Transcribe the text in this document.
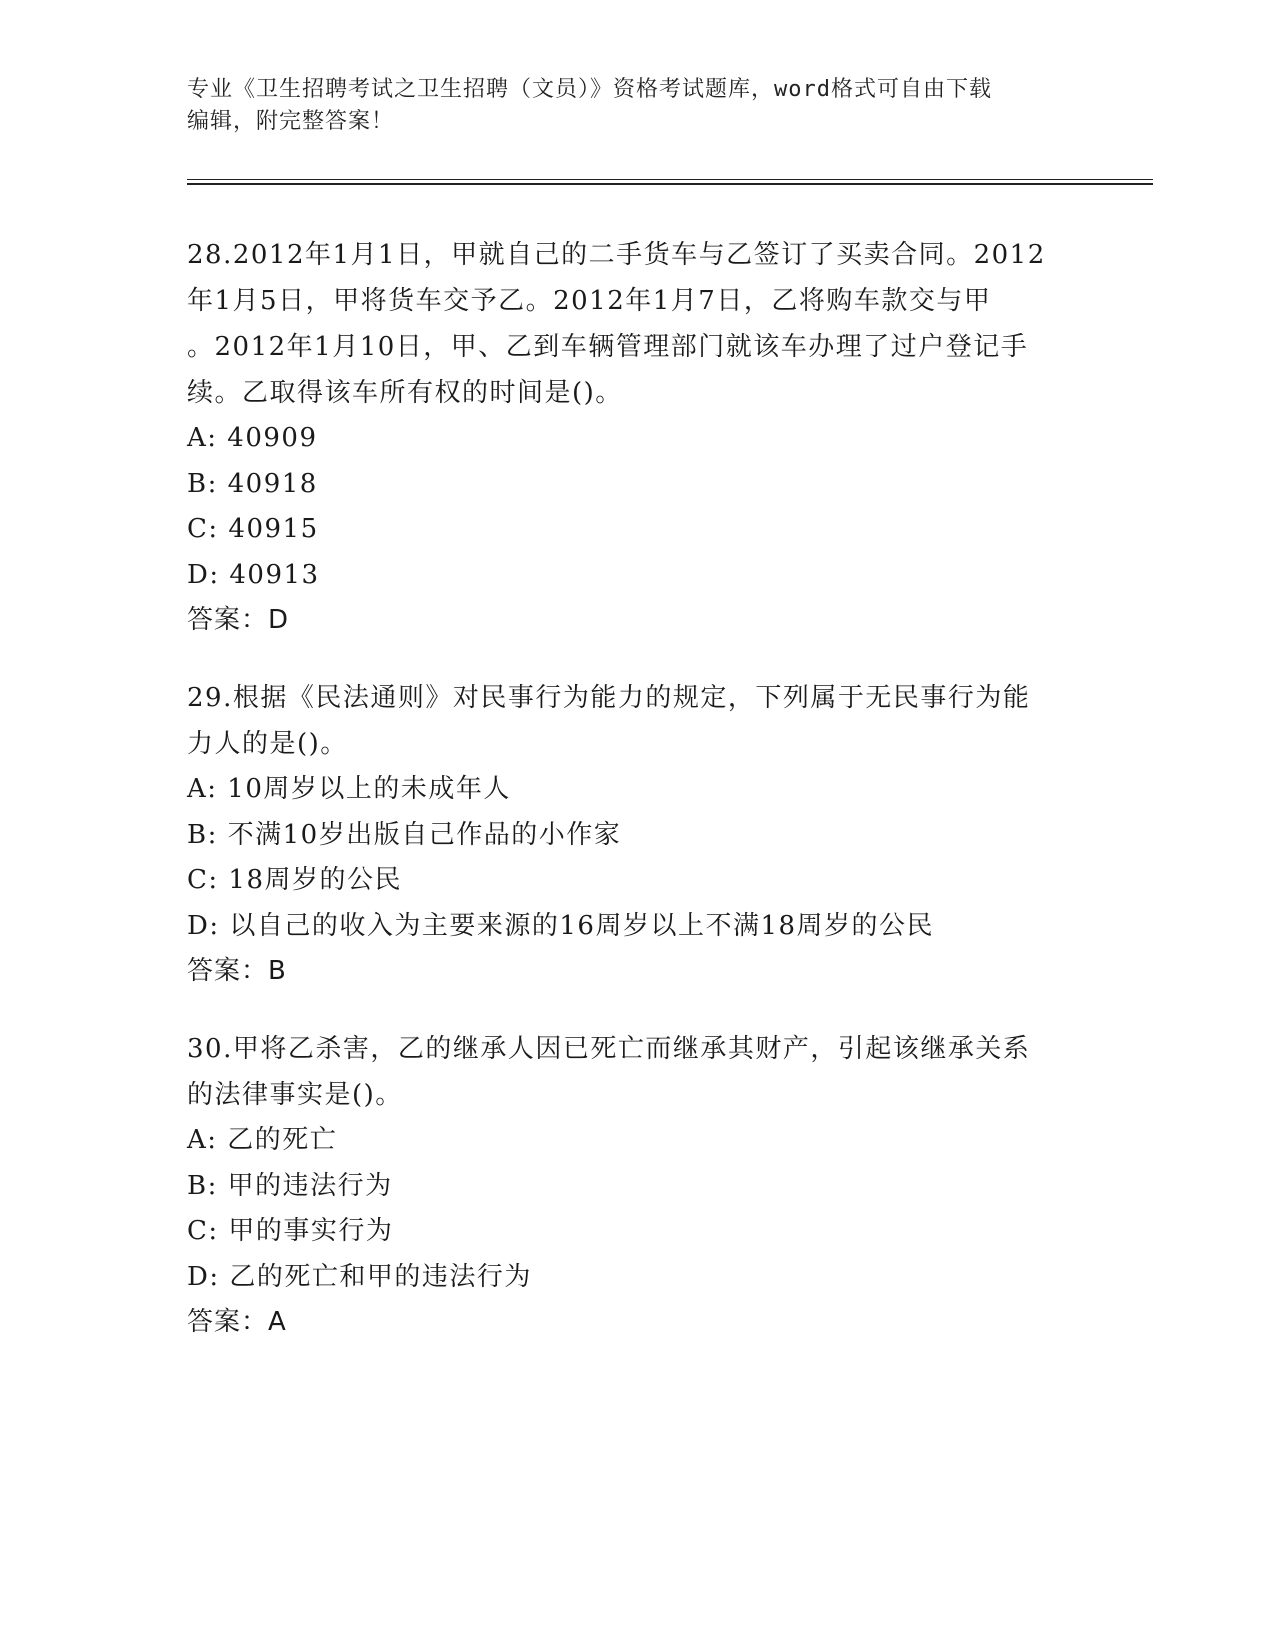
专业《卫生招聘考试之卫生招聘（文员）》资格考试题库，word格式可自由下载
编辑，附完整答案！
28.2012年1月1日，甲就自己的二手货车与乙签订了买卖合同。2012
年1月5日，甲将货车交予乙。2012年1月7日，乙将购车款交与甲
。2012年1月10日，甲、乙到车辆管理部门就该车办理了过户登记手
续。乙取得该车所有权的时间是()。
A: 40909
B: 40918
C: 40915
D: 40913
答案：D
29.根据《民法通则》对民事行为能力的规定，下列属于无民事行为能
力人的是()。
A: 10周岁以上的未成年人
B: 不满10岁出版自己作品的小作家
C: 18周岁的公民
D: 以自己的收入为主要来源的16周岁以上不满18周岁的公民
答案：B
30.甲将乙杀害，乙的继承人因已死亡而继承其财产，引起该继承关系
的法律事实是()。
A: 乙的死亡
B: 甲的违法行为
C: 甲的事实行为
D: 乙的死亡和甲的违法行为
答案：A
